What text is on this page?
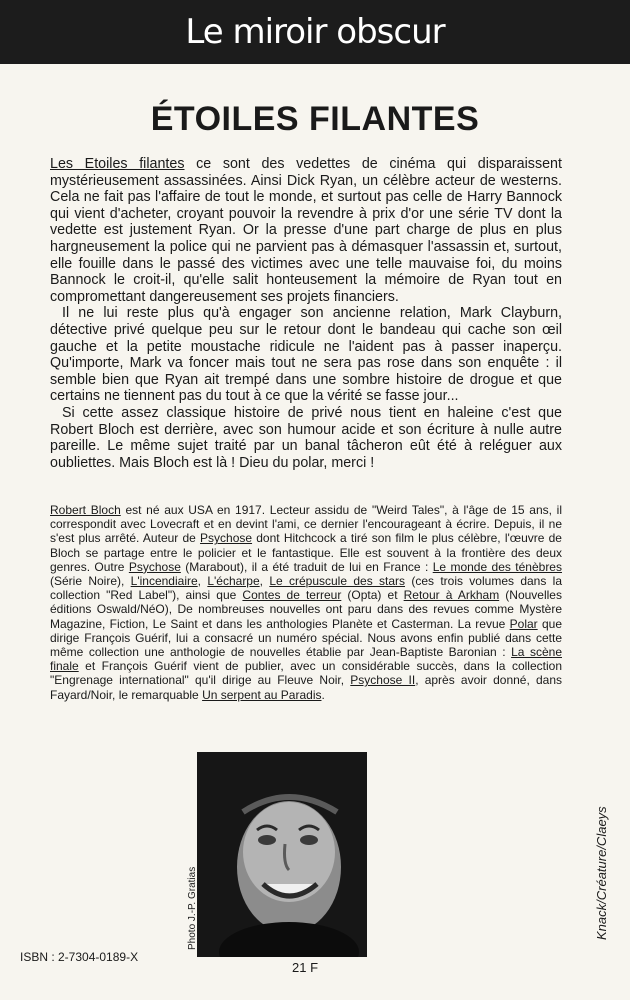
Le miroir obscur
ÉTOILES FILANTES

Les Etoiles filantes ce sont des vedettes de cinéma qui disparaissent mystérieusement assassinées. Ainsi Dick Ryan, un célèbre acteur de westerns. Cela ne fait pas l'affaire de tout le monde, et surtout pas celle de Harry Bannock qui vient d'acheter, croyant pouvoir la revendre à prix d'or une série TV dont la vedette est justement Ryan. Or la presse d'une part charge de plus en plus hargneusement la police qui ne parvient pas à démasquer l'assassin et, surtout, elle fouille dans le passé des victimes avec une telle mauvaise foi, du moins Bannock le croit-il, qu'elle salit honteusement la mémoire de Ryan tout en compromettant dangereusement ses projets financiers.

Il ne lui reste plus qu'à engager son ancienne relation, Mark Clayburn, détective privé quelque peu sur le retour dont le bandeau qui cache son œil gauche et la petite moustache ridicule ne l'aident pas à passer inaperçu. Qu'importe, Mark va foncer mais tout ne sera pas rose dans son enquête : il semble bien que Ryan ait trempé dans une sombre histoire de drogue et que certains ne tiennent pas du tout à ce que la vérité se fasse jour...

Si cette assez classique histoire de privé nous tient en haleine c'est que Robert Bloch est derrière, avec son humour acide et son écriture à nulle autre pareille. Le même sujet traité par un banal tâcheron eût été à reléguer aux oubliettes. Mais Bloch est là ! Dieu du polar, merci !

Robert Bloch est né aux USA en 1917. Lecteur assidu de "Weird Tales", à l'âge de 15 ans, il correspondit avec Lovecraft et en devint l'ami, ce dernier l'encourageant à écrire. Depuis, il ne s'est plus arrêté. Auteur de Psychose dont Hitchcock a tiré son film le plus célèbre, l'œuvre de Bloch se partage entre le policier et le fantastique. Elle est souvent à la frontière des deux genres. Outre Psychose (Marabout), il a été traduit de lui en France : Le monde des ténèbres (Série Noire), L'incendiaire, L'écharpe, Le crépuscule des stars (ces trois volumes dans la collection "Red Label"), ainsi que Contes de terreur (Opta) et Retour à Arkham (Nouvelles éditions Oswald/NéO), De nombreuses nouvelles ont paru dans des revues comme Mystère Magazine, Fiction, Le Saint et dans les anthologies Planète et Casterman. La revue Polar que dirige François Guérif, lui a consacré un numéro spécial. Nous avons enfin publié dans cette même collection une anthologie de nouvelles établie par Jean-Baptiste Baronian : La scène finale et François Guérif vient de publier, avec un considérable succès, dans la collection "Engrenage international" qu'il dirige au Fleuve Noir, Psychose II, après avoir donné, dans Fayard/Noir, le remarquable Un serpent au Paradis.

Photo J.-P. Gratias
ISBN : 2-7304-0189-X
21 F
Knack/Créature/Claeys
